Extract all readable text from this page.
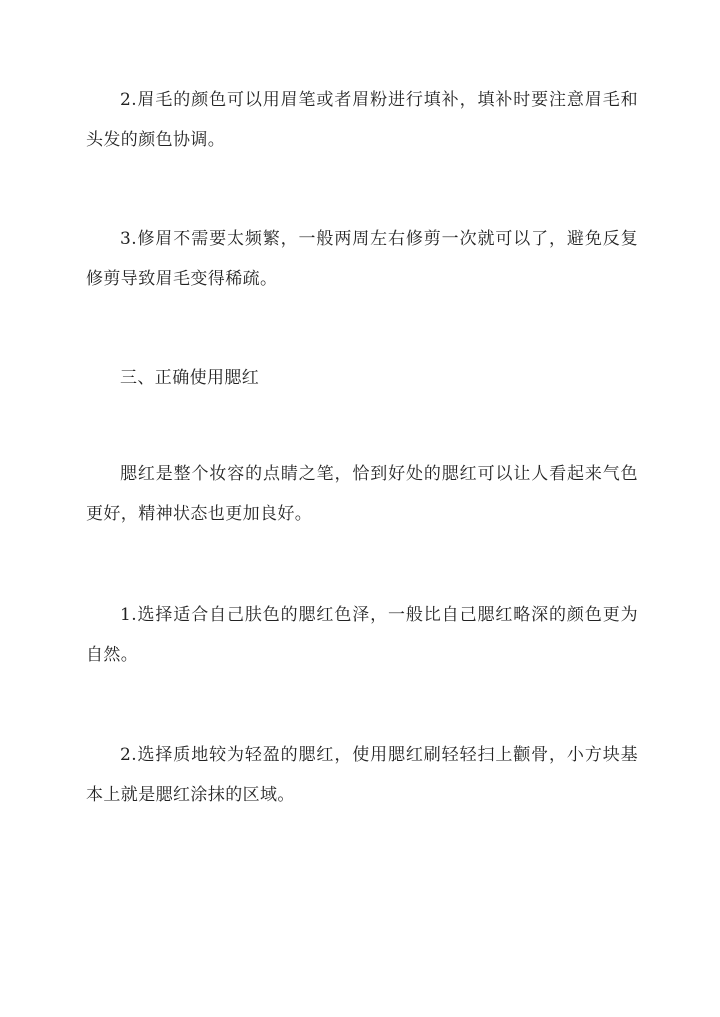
2.眉毛的颜色可以用眉笔或者眉粉进行填补，填补时要注意眉毛和头发的颜色协调。

3.修眉不需要太频繁，一般两周左右修剪一次就可以了，避免反复修剪导致眉毛变得稀疏。

三、正确使用腮红

腮红是整个妆容的点睛之笔，恰到好处的腮红可以让人看起来气色更好，精神状态也更加良好。

1.选择适合自己肤色的腮红色泽，一般比自己腮红略深的颜色更为自然。

2.选择质地较为轻盈的腮红，使用腮红刷轻轻扫上颧骨，小方块基本上就是腮红涂抹的区域。
